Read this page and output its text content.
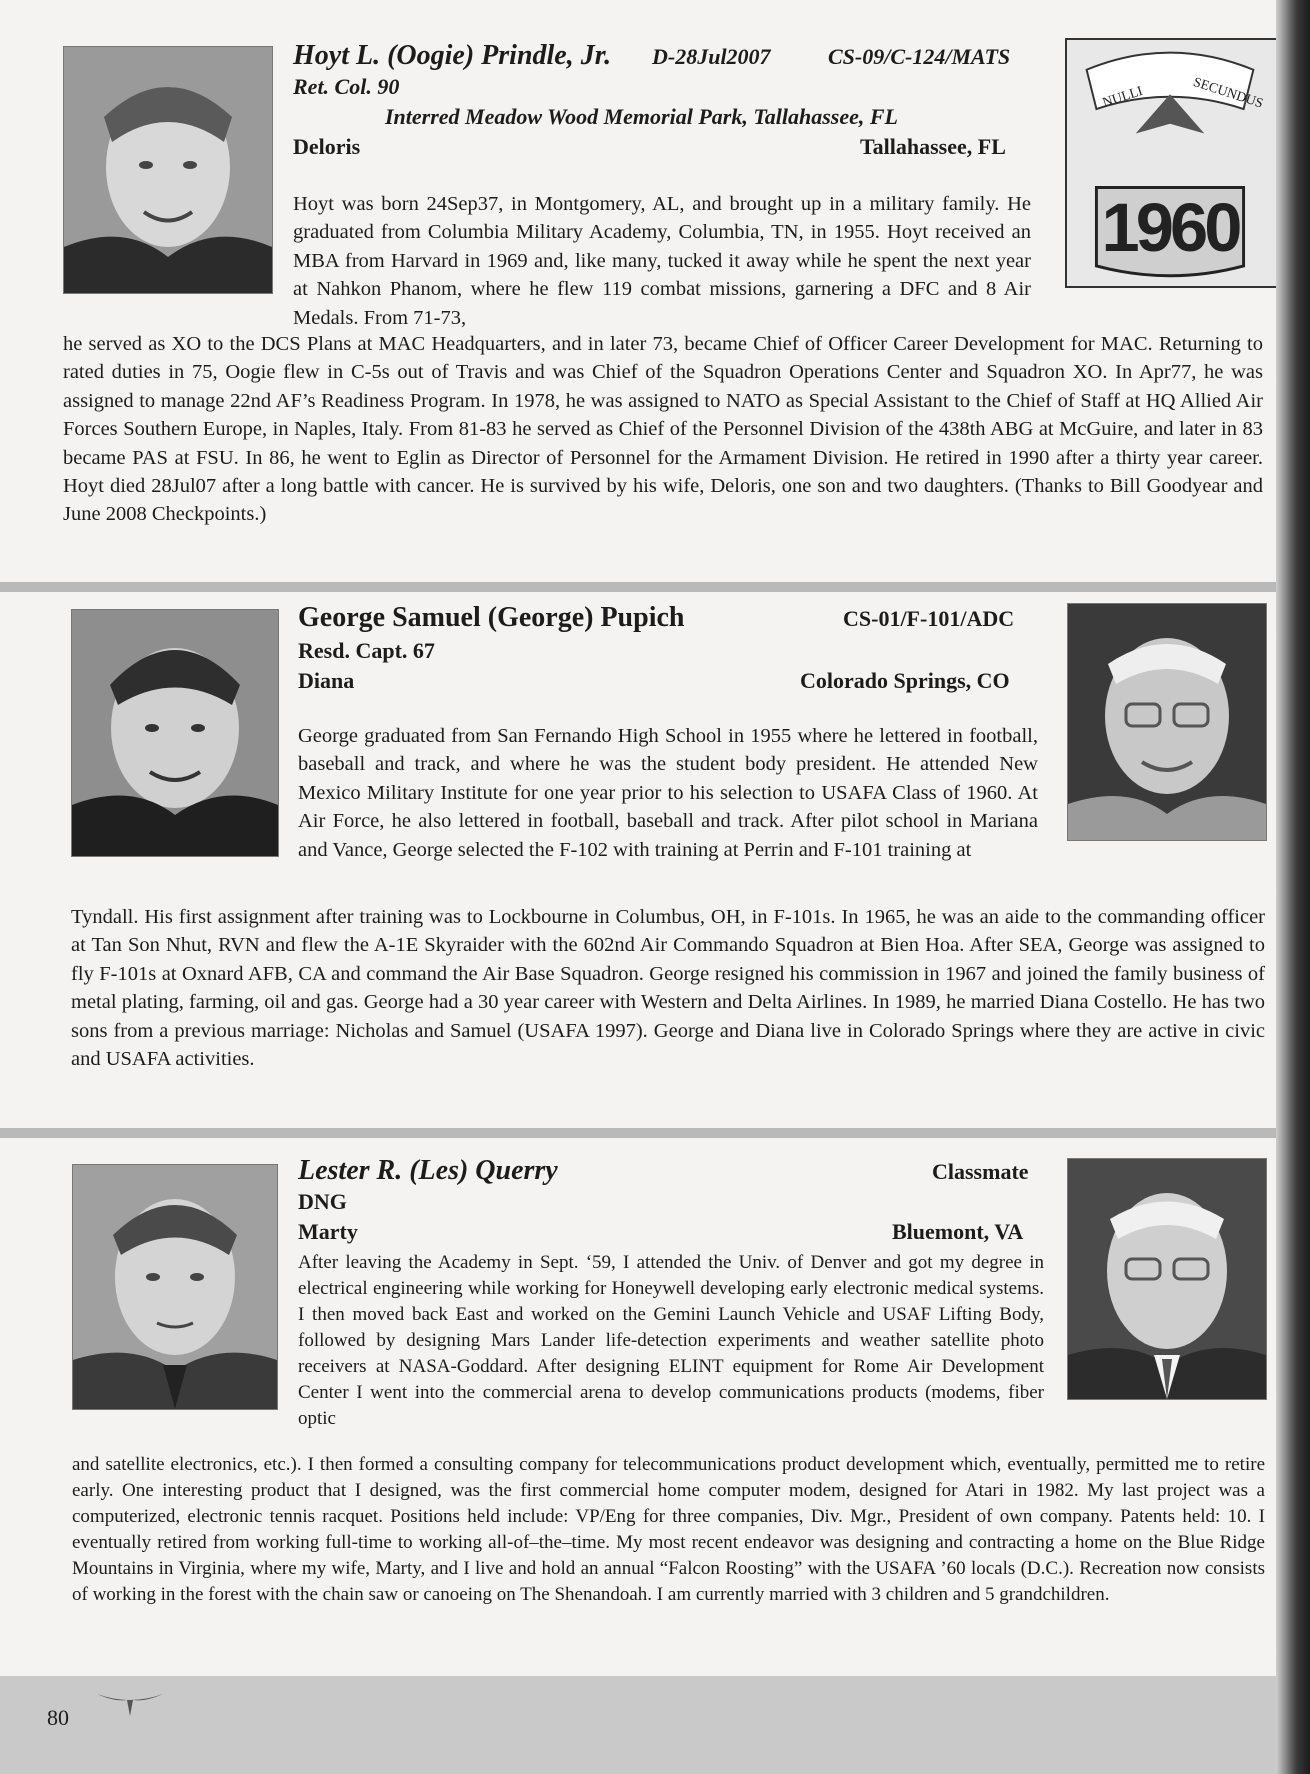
Hoyt L. (Oogie) Prindle, Jr. D-28Jul2007	CS-09/C-124/MATS
Ret. Col. 90
Interred Meadow Wood Memorial Park, Tallahassee, FL
Deloris	Tallahassee, FL
NULLI	SECUNDUS
1960
Hoyt was born 24Sep37, in Montgomery, AL, and brought up in a military family. He graduated from Columbia Military Academy, Columbia, TN, in 1955. Hoyt received an MBA from Harvard in 1969 and, like many, tucked it away while he spent the next year at Nahkon Phanom, where he flew 119 combat missions, garnering a DFC and 8 Air Medals. From 71-73,
he served as XO to the DCS Plans at MAC Headquarters, and in later 73, became Chief of Officer Career Development for MAC. Returning to rated duties in 75, Oogie flew in C-5s out of Travis and was Chief of the Squadron Operations Center and Squadron XO. In Apr77, he was assigned to manage 22nd AF’s Readiness Program. In 1978, he was assigned to NATO as Special Assistant to the Chief of Staff at HQ Allied Air Forces Southern Europe, in Naples, Italy. From 81-83 he served as Chief of the Personnel Division of the 438th ABG at McGuire, and later in 83 became PAS at FSU. In 86, he went to Eglin as Director of Personnel for the Armament Division. He retired in 1990 after a thirty year career. Hoyt died 28Jul07 after a long battle with cancer. He is survived by his wife, Deloris, one son and two daughters. (Thanks to Bill Goodyear and June 2008 Checkpoints.)
George Samuel (George) Pupich	CS-01/F-101/ADC
Resd. Capt. 67
Diana	Colorado Springs, CO
George graduated from San Fernando High School in 1955 where he lettered in football, baseball and track, and where he was the student body president. He attended New Mexico Military Institute for one year prior to his selection to USAFA Class of 1960. At Air Force, he also lettered in football, baseball and track. After pilot school in Mariana and Vance, George selected the F-102 with training at Perrin and F-101 training at
Tyndall. His first assignment after training was to Lockbourne in Columbus, OH, in F-101s. In 1965, he was an aide to the commanding officer at Tan Son Nhut, RVN and flew the A-1E Skyraider with the 602nd Air Commando Squadron at Bien Hoa. After SEA, George was assigned to fly F-101s at Oxnard AFB, CA and command the Air Base Squadron. George resigned his commission in 1967 and joined the family business of metal plating, farming, oil and gas. George had a 30 year career with Western and Delta Airlines. In 1989, he married Diana Costello. He has two sons from a previous marriage: Nicholas and Samuel (USAFA 1997). George and Diana live in Colorado Springs where they are active in civic and USAFA activities.
Lester R. (Les) Querry	Classmate
DNG
Marty	Bluemont, VA
After leaving the Academy in Sept. ‘59, I attended the Univ. of Denver and got my degree in electrical engineering while working for Honeywell developing early electronic medical systems. I then moved back East and worked on the Gemini Launch Vehicle and USAF Lifting Body, followed by designing Mars Lander life-detection experiments and weather satellite photo receivers at NASA-Goddard. After designing ELINT equipment for Rome Air Development Center I went into the commercial arena to develop communications products (modems, fiber optic
and satellite electronics, etc.). I then formed a consulting company for telecommunications product development which, eventually, permitted me to retire early. One interesting product that I designed, was the first commercial home computer modem, designed for Atari in 1982. My last project was a computerized, electronic tennis racquet. Positions held include: VP/Eng for three companies, Div. Mgr., President of own company. Patents held: 10. I eventually retired from working full-time to working all-of–the–time. My most recent endeavor was designing and contracting a home on the Blue Ridge Mountains in Virginia, where my wife, Marty, and I live and hold an annual “Falcon Roosting” with the USAFA ’60 locals (D.C.). Recreation now consists of working in the forest with the chain saw or canoeing on The Shenandoah. I am currently married with 3 children and 5 grandchildren.
80
